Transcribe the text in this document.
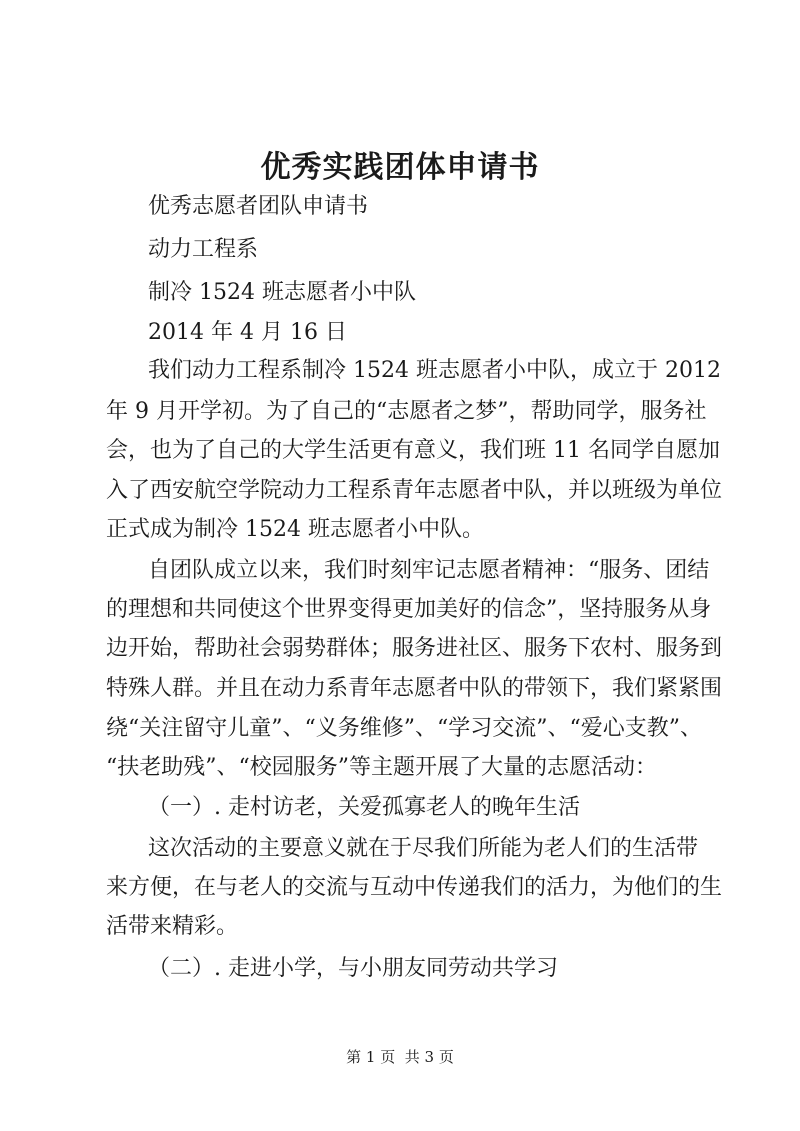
优秀实践团体申请书
优秀志愿者团队申请书
动力工程系
制冷 1524 班志愿者小中队
2014 年 4 月 16 日
我们动力工程系制冷 1524 班志愿者小中队，成立于 2012
年 9 月开学初。为了自己的“志愿者之梦”，帮助同学，服务社
会，也为了自己的大学生活更有意义，我们班 11 名同学自愿加
入了西安航空学院动力工程系青年志愿者中队，并以班级为单位
正式成为制冷 1524 班志愿者小中队。
自团队成立以来，我们时刻牢记志愿者精神：“服务、团结
的理想和共同使这个世界变得更加美好的信念”，坚持服务从身
边开始，帮助社会弱势群体；服务进社区、服务下农村、服务到
特殊人群。并且在动力系青年志愿者中队的带领下，我们紧紧围
绕“关注留守儿童”、“义务维修”、“学习交流”、“爱心支教”、
“扶老助残”、“校园服务”等主题开展了大量的志愿活动：
（一）. 走村访老，关爱孤寡老人的晚年生活
这次活动的主要意义就在于尽我们所能为老人们的生活带
来方便，在与老人的交流与互动中传递我们的活力，为他们的生
活带来精彩。
（二）. 走进小学，与小朋友同劳动共学习
第 1 页  共 3 页
